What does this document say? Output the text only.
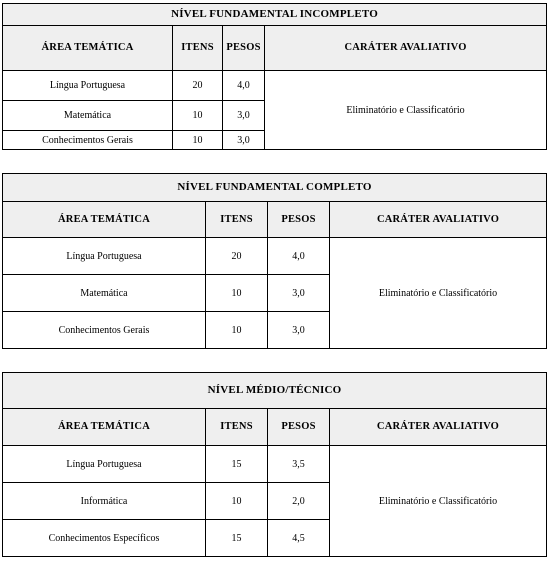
NÍVEL FUNDAMENTAL INCOMPLETO			
ÁREA TEMÁTICA	ITENS	PESOS	CARÁTER AVALIATIVO
Língua Portuguesa	20	4,0	Eliminatório e Classificatório
Matemática	10	3,0	
Conhecimentos Gerais	10	3,0	
NÍVEL FUNDAMENTAL COMPLETO			
ÁREA TEMÁTICA	ITENS	PESOS	CARÁTER AVALIATIVO
Língua Portuguesa	20	4,0	Eliminatório e Classificatório
Matemática	10	3,0	
Conhecimentos Gerais	10	3,0	
NÍVEL MÉDIO/TÉCNICO			
ÁREA TEMÁTICA	ITENS	PESOS	CARÁTER AVALIATIVO
Língua Portuguesa	15	3,5	Eliminatório e Classificatório
Informática	10	2,0	
Conhecimentos Específicos	15	4,5	
